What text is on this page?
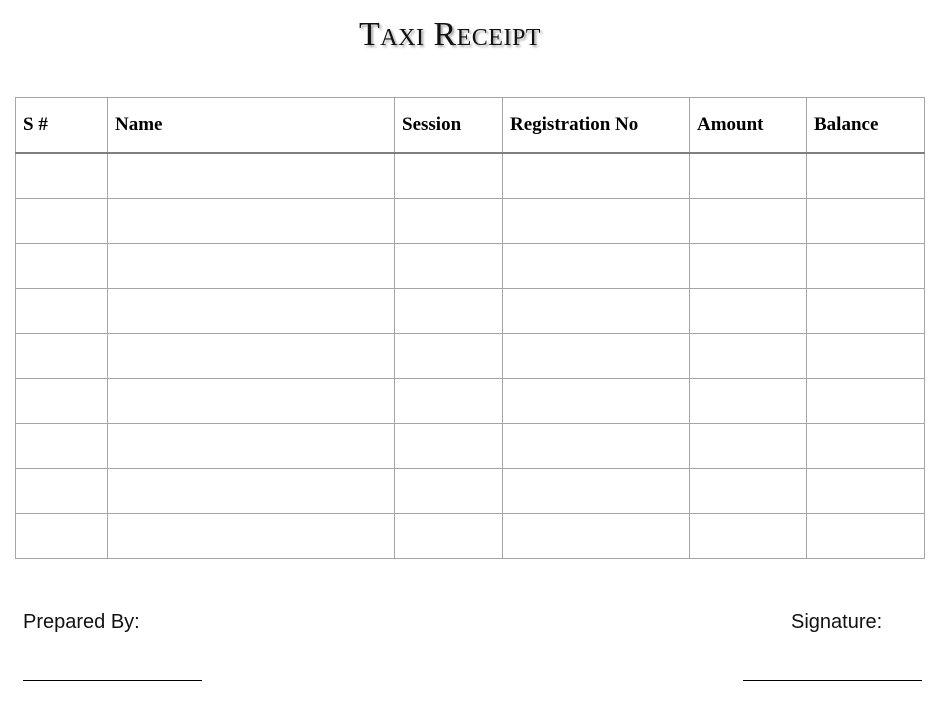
Taxi Receipt
S #	Name	Session	Registration No	Amount	Balance

Prepared By:	Signature:
